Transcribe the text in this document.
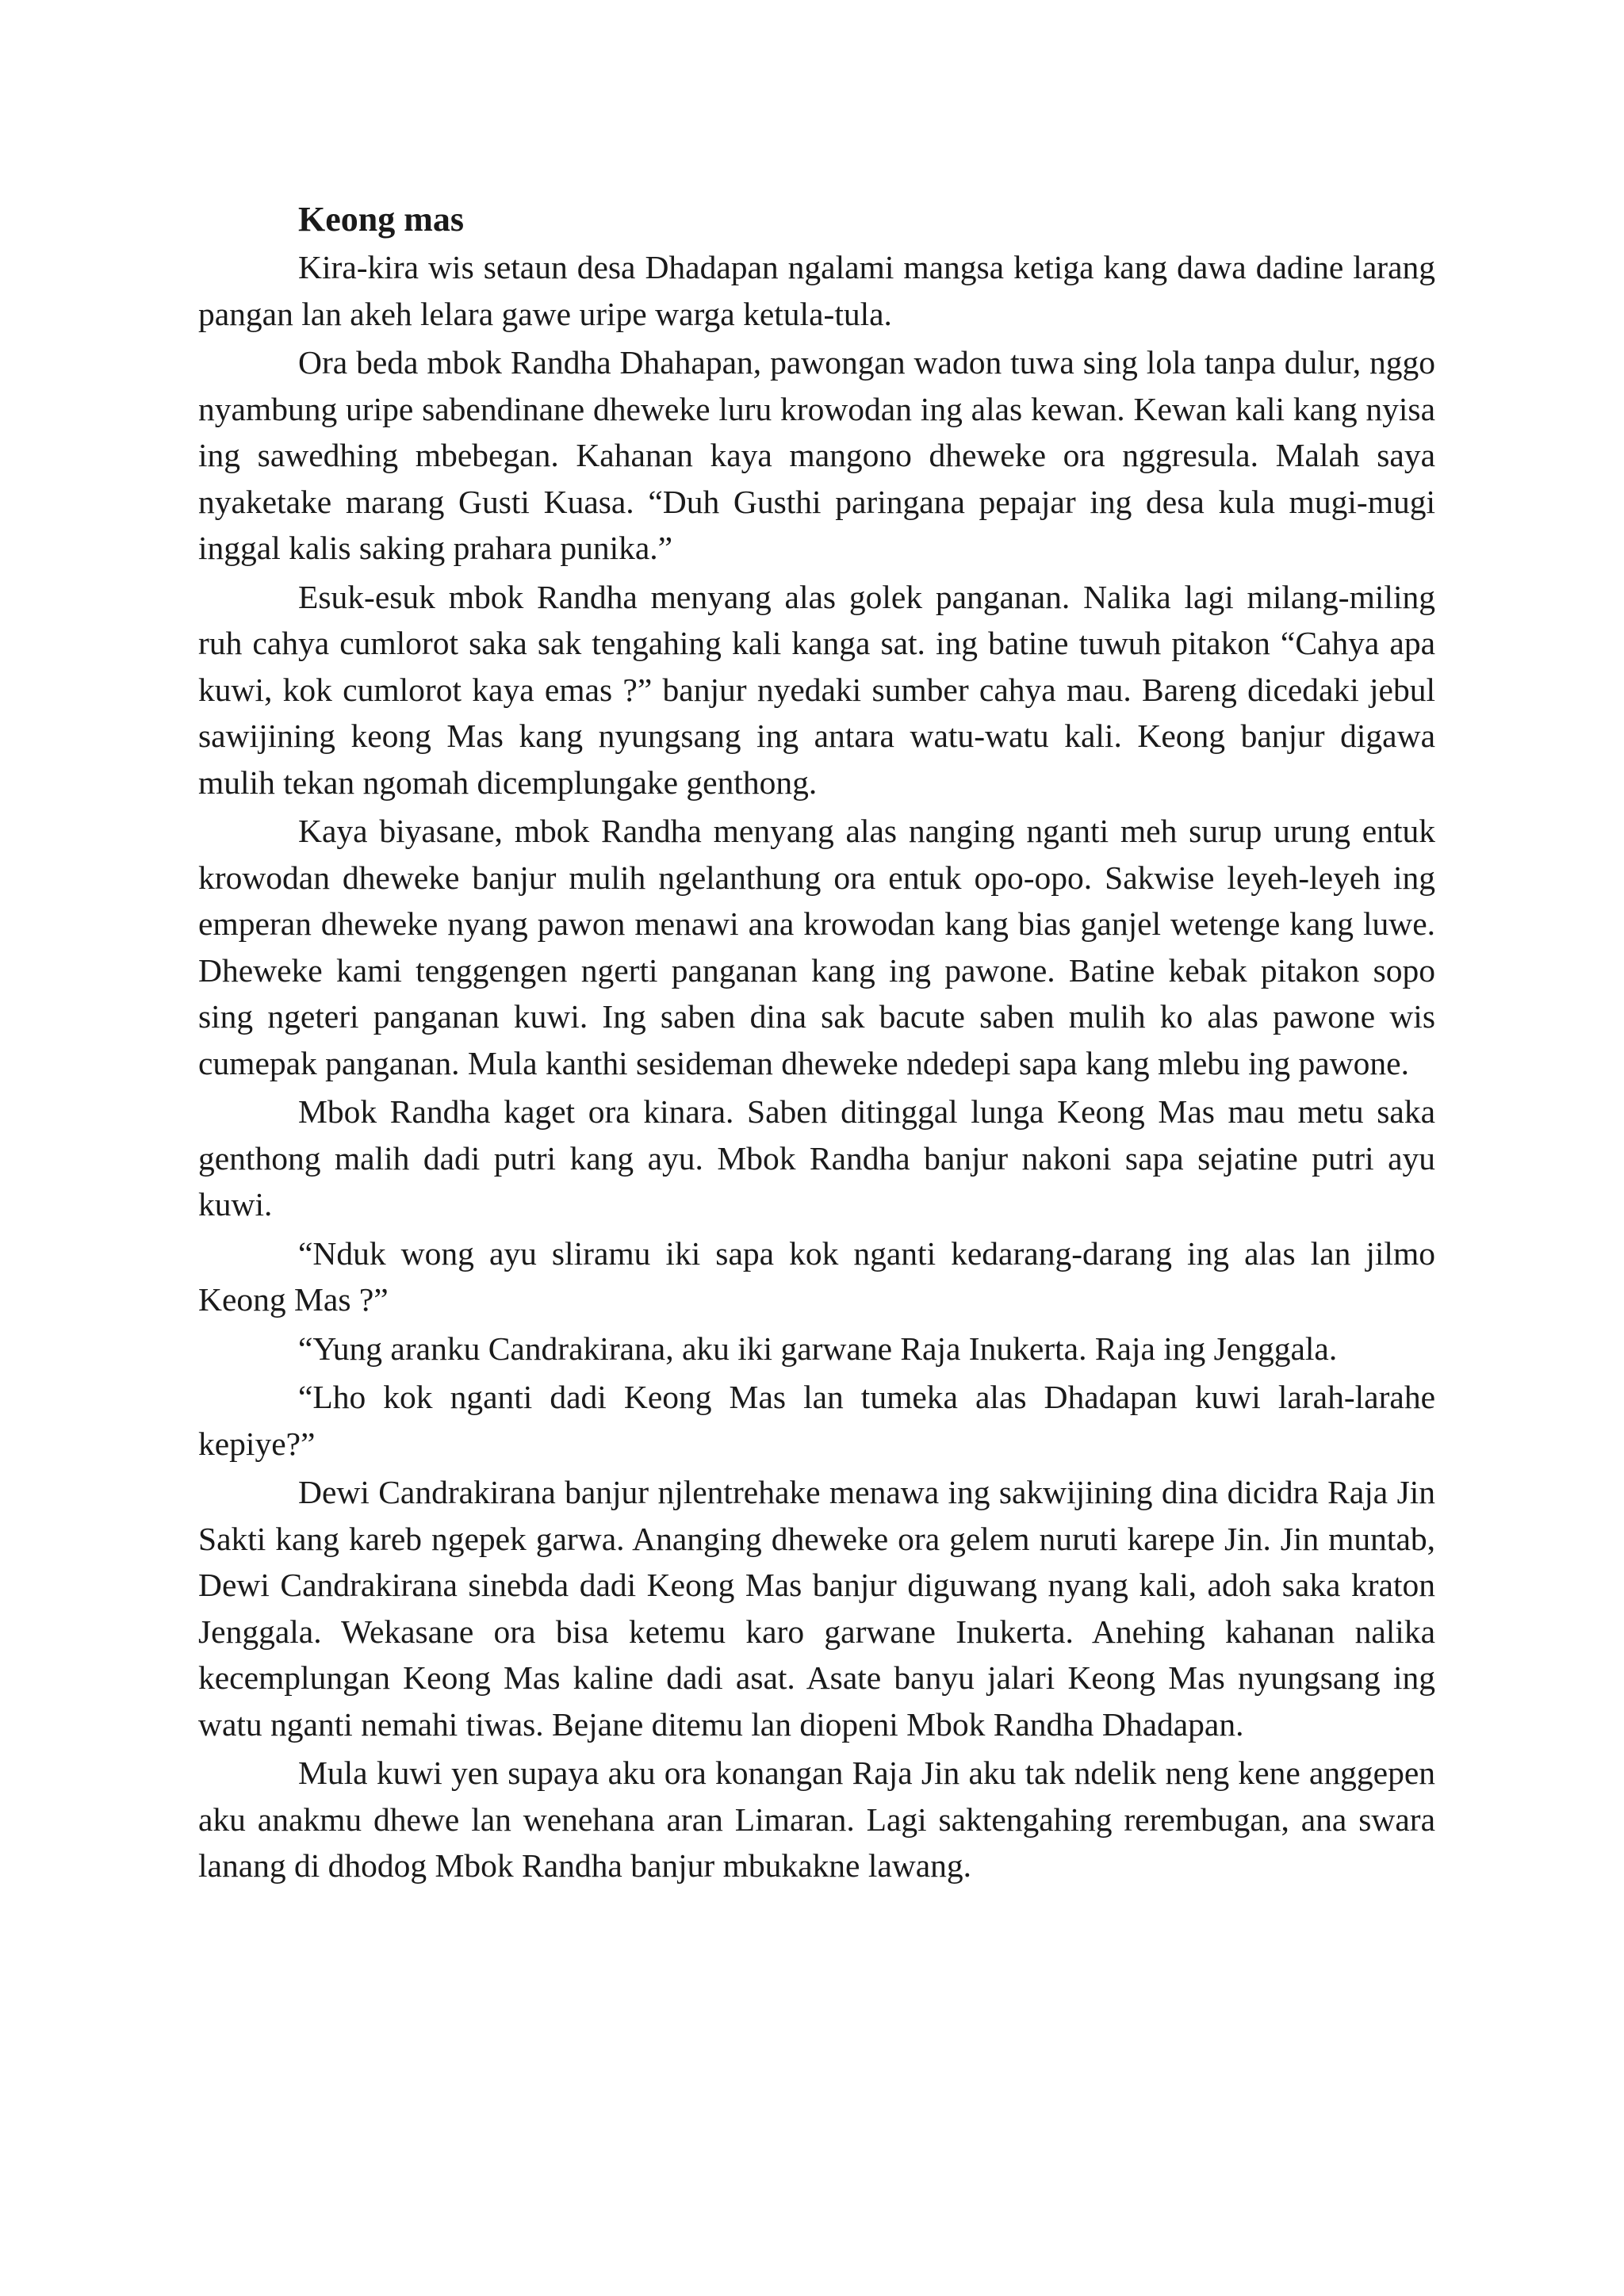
Keong mas

Kira-kira wis setaun desa Dhadapan ngalami mangsa ketiga kang dawa dadine larang pangan lan akeh lelara gawe uripe warga ketula-tula.

Ora beda mbok Randha Dhahapan, pawongan wadon tuwa sing lola tanpa dulur, nggo nyambung uripe sabendinane dheweke luru krowodan ing alas kewan. Kewan kali kang nyisa ing sawedhing mbebegan. Kahanan kaya mangono dheweke ora nggresula. Malah saya nyaketake marang Gusti Kuasa. “Duh Gusthi paringana pepajar ing desa kula mugi-mugi inggal kalis saking prahara punika.”

Esuk-esuk mbok Randha menyang alas golek panganan. Nalika lagi milang-miling ruh cahya cumlorot saka sak tengahing kali kanga sat. ing batine tuwuh pitakon “Cahya apa kuwi, kok cumlorot kaya emas ?” banjur nyedaki sumber cahya mau. Bareng dicedaki jebul sawijining keong Mas kang nyungsang ing antara watu-watu kali. Keong banjur digawa mulih tekan ngomah dicemplungake genthong.

Kaya biyasane, mbok Randha menyang alas nanging nganti meh surup urung entuk krowodan dheweke banjur mulih ngelanthung ora entuk opo-opo. Sakwise leyeh-leyeh ing emperan dheweke nyang pawon menawi ana krowodan kang bias ganjel wetenge kang luwe. Dheweke kami tenggengen ngerti panganan kang ing pawone. Batine kebak pitakon sopo sing ngeteri panganan kuwi. Ing saben dina sak bacute saben mulih ko alas pawone wis cumepak panganan. Mula kanthi sesideman dheweke ndedepi sapa kang mlebu ing pawone.

Mbok Randha kaget ora kinara. Saben ditinggal lunga Keong Mas mau metu saka genthong malih dadi putri kang ayu. Mbok Randha banjur nakoni sapa sejatine putri ayu kuwi.

“Nduk wong ayu sliramu iki sapa kok nganti kedarang-darang ing alas lan jilmo Keong Mas ?”

“Yung aranku Candrakirana, aku iki garwane Raja Inukerta. Raja ing Jenggala.

“Lho kok nganti dadi Keong Mas lan tumeka alas Dhadapan kuwi larah-larahe kepiye?”

Dewi Candrakirana banjur njlentrehake menawa ing sakwijining dina dicidra Raja Jin Sakti kang kareb ngepek garwa. Ananging dheweke ora gelem nuruti karepe Jin. Jin muntab, Dewi Candrakirana sinebda dadi Keong Mas banjur diguwang nyang kali, adoh saka kraton Jenggala. Wekasane ora bisa ketemu karo garwane Inukerta. Anehing kahanan nalika kecemplungan Keong Mas kaline dadi asat. Asate banyu jalari Keong Mas nyungsang ing watu nganti nemahi tiwas. Bejane ditemu lan diopeni Mbok Randha Dhadapan.

Mula kuwi yen supaya aku ora konangan Raja Jin aku tak ndelik neng kene anggepen aku anakmu dhewe lan wenehana aran Limaran. Lagi saktengahing rerembugan, ana swara lanang di dhodog Mbok Randha banjur mbukakne lawang.
